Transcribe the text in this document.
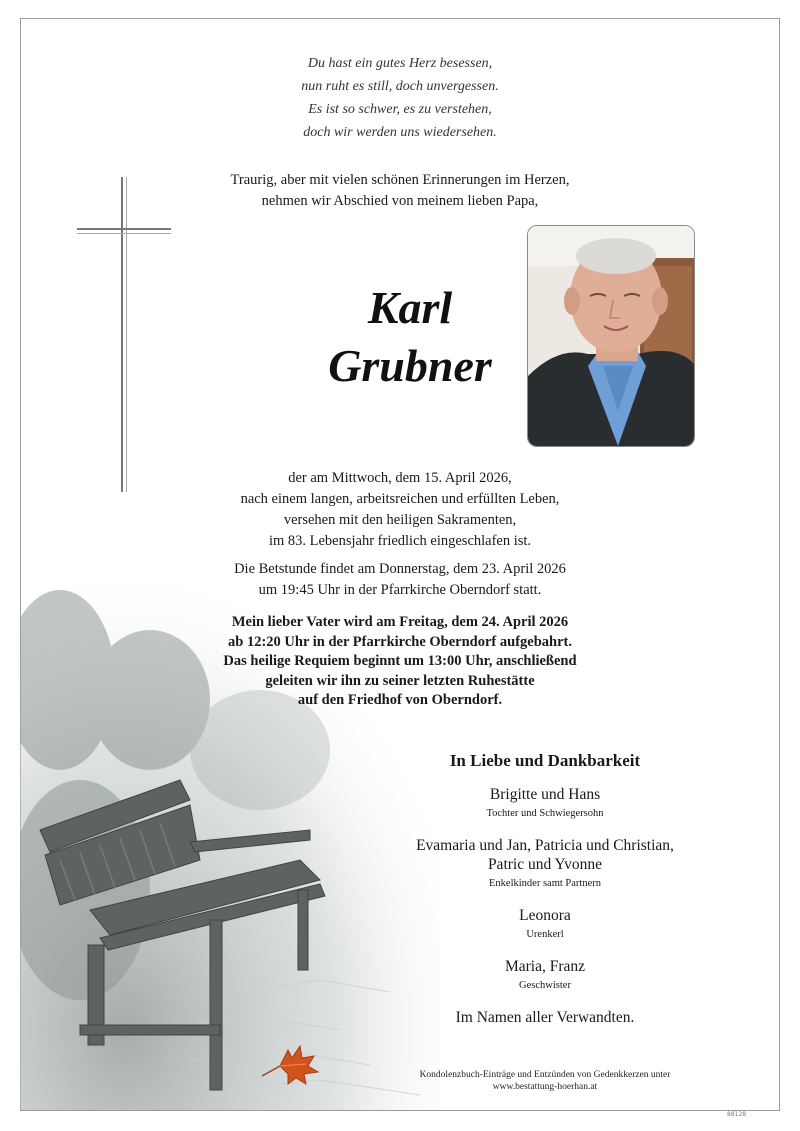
Du hast ein gutes Herz besessen,
nun ruht es still, doch unvergessen.
Es ist so schwer, es zu verstehen,
doch wir werden uns wiedersehen.
Traurig, aber mit vielen schönen Erinnerungen im Herzen,
nehmen wir Abschied von meinem lieben Papa,
Karl
Grubner
der am Mittwoch, dem 15. April 2026,
nach einem langen, arbeitsreichen und erfüllten Leben,
versehen mit den heiligen Sakramenten,
im 83. Lebensjahr friedlich eingeschlafen ist.
Die Betstunde findet am Donnerstag, dem 23. April 2026
um 19:45 Uhr in der Pfarrkirche Oberndorf statt.
Mein lieber Vater wird am Freitag, dem 24. April 2026
ab 12:20 Uhr in der Pfarrkirche Oberndorf aufgebahrt.
Das heilige Requiem beginnt um 13:00 Uhr, anschließend
geleiten wir ihn zu seiner letzten Ruhestätte
auf den Friedhof von Oberndorf.
In Liebe und Dankbarkeit
Brigitte und Hans
Tochter und Schwiegersohn
Evamaria und Jan, Patricia und Christian,
Patric und Yvonne
Enkelkinder samt Partnern
Leonora
Urenkerl
Maria, Franz
Geschwister
Im Namen aller Verwandten.
Kondolenzbuch-Einträge und Entzünden von Gedenkkerzen unter
www.bestattung-hoerhan.at
88128
